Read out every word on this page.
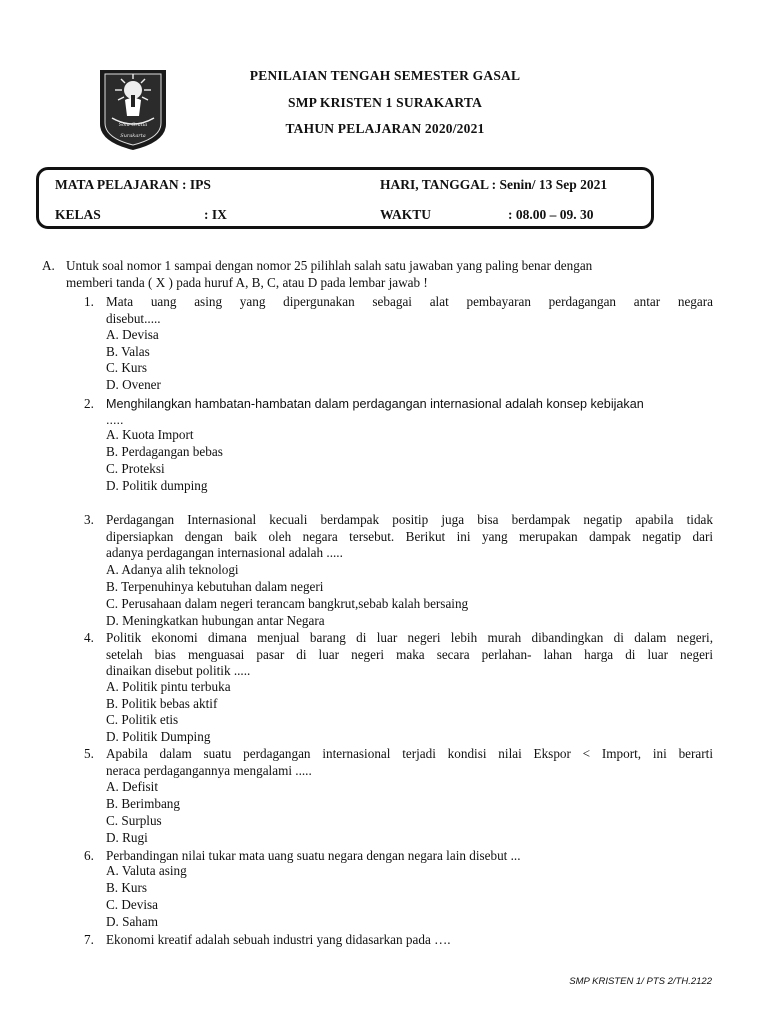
Sola Gratia
Surakarta
PENILAIAN TENGAH SEMESTER GASAL
SMP KRISTEN 1 SURAKARTA
TAHUN PELAJARAN 2020/2021
MATA PELAJARAN : IPS
KELAS	: IX
HARI, TANGGAL : Senin/ 13 Sep 2021
WAKTU	: 08.00 – 09. 30
A. Untuk soal nomor 1 sampai dengan nomor 25 pilihlah salah satu jawaban yang paling benar dengan
memberi tanda ( X ) pada huruf A, B, C, atau D pada lembar jawab !
1. Mata uang asing yang dipergunakan sebagai alat pembayaran perdagangan antar negara
disebut.....
A. Devisa
B. Valas
C. Kurs
D. Ovener
2. Menghilangkan hambatan-hambatan dalam perdagangan internasional adalah konsep kebijakan
.....
A. Kuota Import
B. Perdagangan bebas
C. Proteksi
D. Politik dumping
3. Perdagangan Internasional kecuali berdampak positip juga bisa berdampak negatip apabila tidak
dipersiapkan dengan baik oleh negara tersebut. Berikut ini yang merupakan dampak negatip dari
adanya perdagangan internasional adalah .....
A. Adanya alih teknologi
B. Terpenuhinya kebutuhan dalam negeri
C. Perusahaan dalam negeri terancam bangkrut,sebab kalah bersaing
D. Meningkatkan hubungan antar Negara
4. Politik ekonomi dimana menjual barang di luar negeri lebih murah dibandingkan di dalam negeri,
setelah bias menguasai pasar di luar negeri maka secara perlahan- lahan harga di luar negeri
dinaikan disebut politik .....
A. Politik pintu terbuka
B. Politik bebas aktif
C. Politik etis
D. Politik Dumping
5. Apabila dalam suatu perdagangan internasional terjadi kondisi nilai Ekspor < Import, ini berarti
neraca perdagangannya mengalami .....
A. Defisit
B. Berimbang
C. Surplus
D. Rugi
6. Perbandingan nilai tukar mata uang suatu negara dengan negara lain disebut ...
A. Valuta asing
B. Kurs
C. Devisa
D. Saham
7. Ekonomi kreatif adalah sebuah industri yang didasarkan pada ….
SMP KRISTEN 1/ PTS 2/TH.2122
